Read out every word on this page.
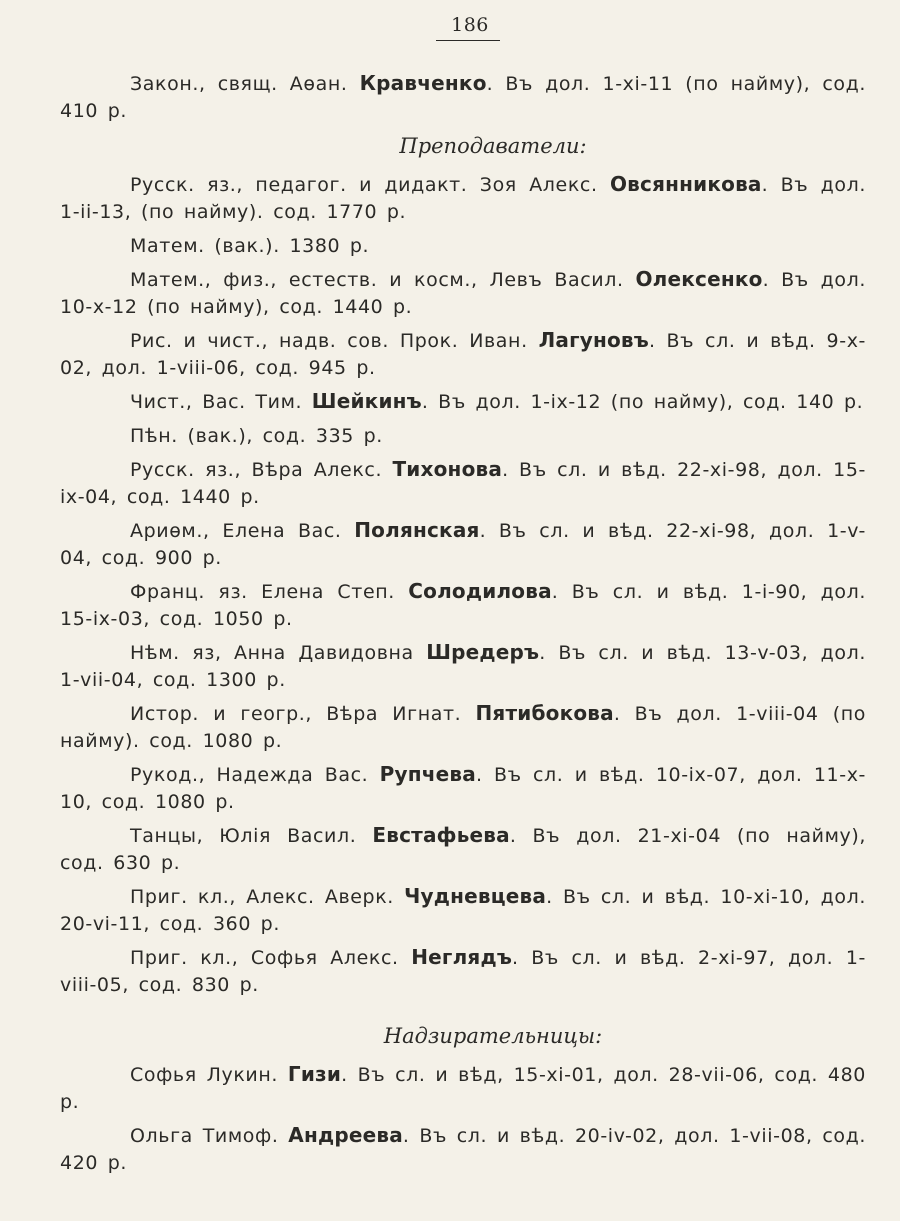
186

Закон., свящ. Аөан. Кравченко. Въ дол. 1-xi-11 (по найму), сод. 410 р.

Преподаватели:

Русск. яз., педагог. и дидакт. Зоя Алекс. Овсянникова. Въ дол. 1-ii-13, (по найму). сод. 1770 р.

Матем. (вак.). 1380 р.

Матем., физ., естеств. и косм., Левъ Васил. Олексенко. Въ дол. 10-x-12 (по найму), сод. 1440 р.

Рис. и чист., надв. сов. Прок. Иван. Лагуновъ. Въ сл. и вѣд. 9-x-02, дол. 1-viii-06, сод. 945 р.

Чист., Вас. Тим. Шейкинъ. Въ дол. 1-ix-12 (по найму), сод. 140 р.

Пѣн. (вак.), сод. 335 р.

Русск. яз., Вѣра Алекс. Тихонова. Въ сл. и вѣд. 22-xi-98, дол. 15-ix-04, сод. 1440 р.

Ариөм., Елена Вас. Полянская. Въ сл. и вѣд. 22-xi-98, дол. 1-v-04, сод. 900 р.

Франц. яз. Елена Степ. Солодилова. Въ сл. и вѣд. 1-i-90, дол. 15-ix-03, сод. 1050 р.

Нѣм. яз, Анна Давидовна Шредеръ. Въ сл. и вѣд. 13-v-03, дол. 1-vii-04, сод. 1300 р.

Истор. и геогр., Вѣра Игнат. Пятибокова. Въ дол. 1-viii-04 (по найму). сод. 1080 р.

Рукод., Надежда Вас. Рупчева. Въ сл. и вѣд. 10-ix-07, дол. 11-x-10, сод. 1080 р.

Танцы, Юлія Васил. Евстафьева. Въ дол. 21-xi-04 (по найму), сод. 630 р.

Приг. кл., Алекс. Аверк. Чудневцева. Въ сл. и вѣд. 10-xi-10, дол. 20-vi-11, сод. 360 р.

Приг. кл., Софья Алекс. Неглядъ. Въ сл. и вѣд. 2-xi-97, дол. 1-viii-05, сод. 830 р.

Надзирательницы:

Софья Лукин. Гизи. Въ сл. и вѣд, 15-xi-01, дол. 28-vii-06, сод. 480 р.

Ольга Тимоф. Андреева. Въ сл. и вѣд. 20-iv-02, дол. 1-vii-08, сод. 420 р.
